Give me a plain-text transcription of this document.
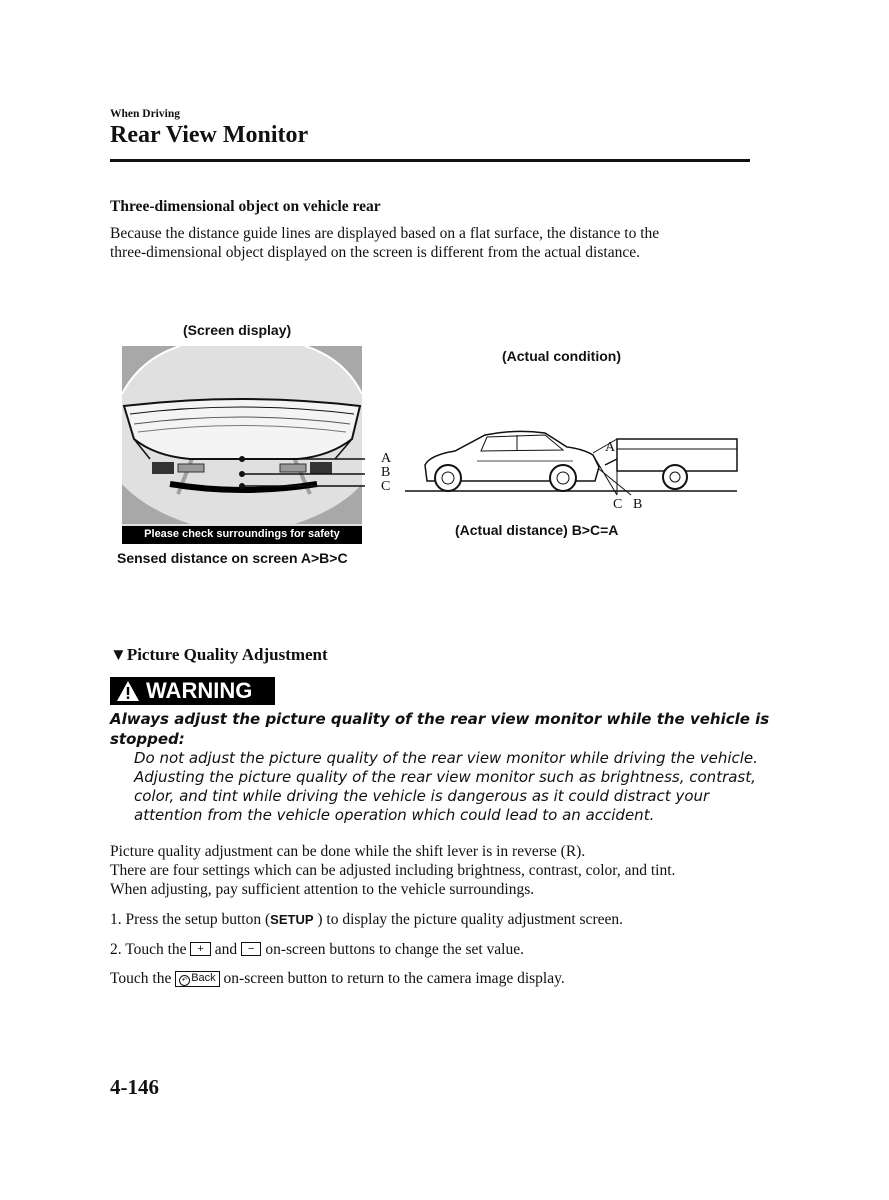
When Driving
Rear View Monitor
Three-dimensional object on vehicle rear
Because the distance guide lines are displayed based on a flat surface, the distance to the
three-dimensional object displayed on the screen is different from the actual distance.
(Screen display)
Please check surroundings for safety
A
B
C
Sensed distance on screen A>B>C
(Actual condition)
A
C B
(Actual distance) B>C=A
▼Picture Quality Adjustment
WARNING
Always adjust the picture quality of the rear view monitor while the vehicle is
stopped:
Do not adjust the picture quality of the rear view monitor while driving the vehicle.
Adjusting the picture quality of the rear view monitor such as brightness, contrast,
color, and tint while driving the vehicle is dangerous as it could distract your
attention from the vehicle operation which could lead to an accident.
Picture quality adjustment can be done while the shift lever is in reverse (R).
There are four settings which can be adjusted including brightness, contrast, color, and tint.
When adjusting, pay sufficient attention to the vehicle surroundings.
1. Press the setup button (SETUP ) to display the picture quality adjustment screen.
2. Touch the + and − on-screen buttons to change the set value.
Touch the ↶ Back on-screen button to return to the camera image display.
4-146
